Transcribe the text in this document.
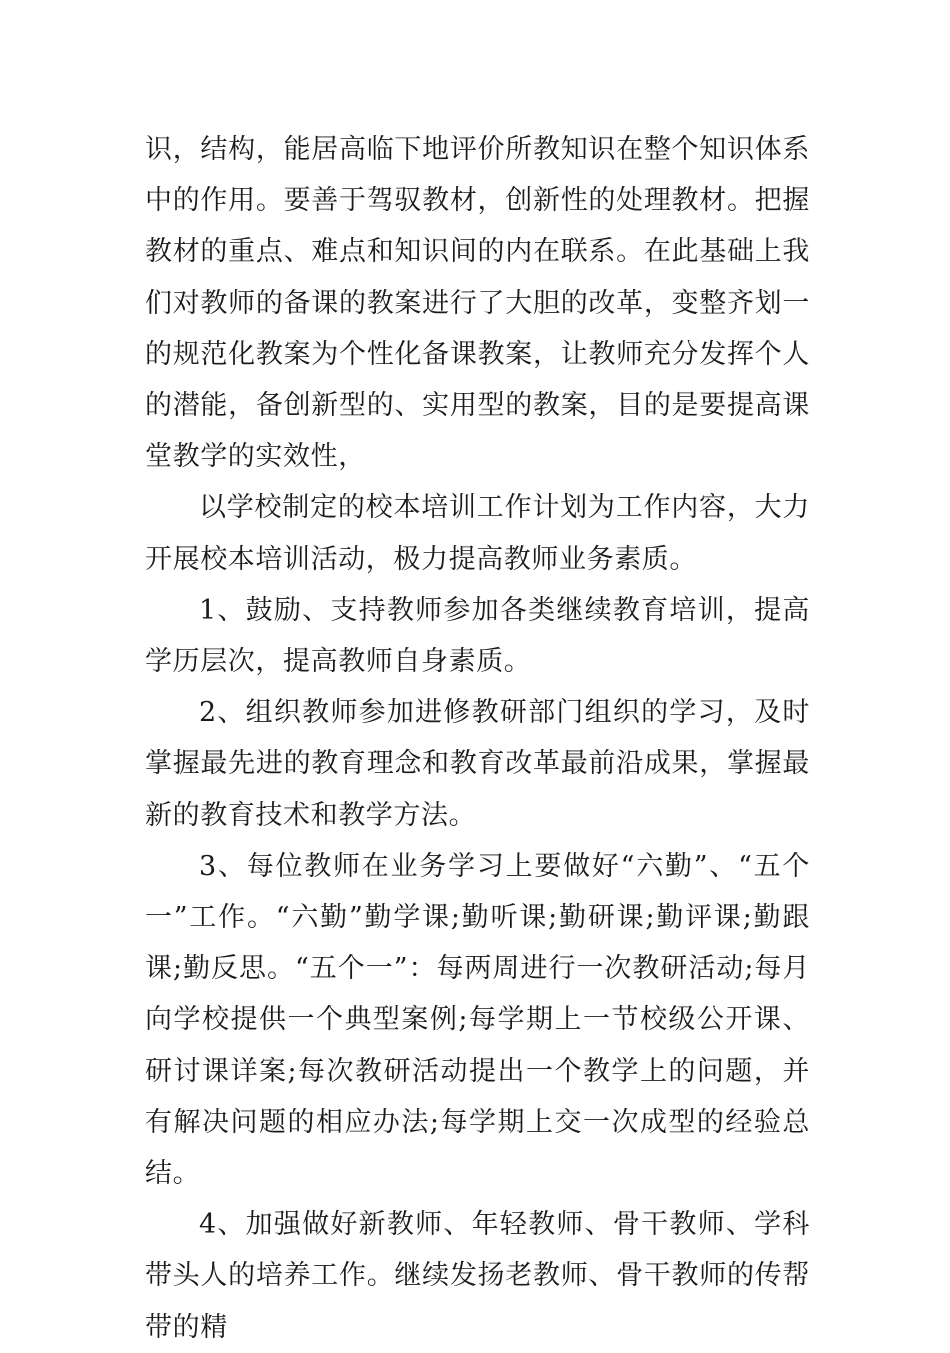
识，结构，能居高临下地评价所教知识在整个知识体系中的作用。要善于驾驭教材，创新性的处理教材。把握教材的重点、难点和知识间的内在联系。在此基础上我们对教师的备课的教案进行了大胆的改革，变整齐划一的规范化教案为个性化备课教案，让教师充分发挥个人的潜能，备创新型的、实用型的教案，目的是要提高课堂教学的实效性，

以学校制定的校本培训工作计划为工作内容，大力开展校本培训活动，极力提高教师业务素质。

1、鼓励、支持教师参加各类继续教育培训，提高学历层次，提高教师自身素质。

2、组织教师参加进修教研部门组织的学习，及时掌握最先进的教育理念和教育改革最前沿成果，掌握最新的教育技术和教学方法。

3、每位教师在业务学习上要做好“六勤”、“五个一”工作。“六勤”勤学课;勤听课;勤研课;勤评课;勤跟课;勤反思。“五个一”：每两周进行一次教研活动;每月向学校提供一个典型案例;每学期上一节校级公开课、研讨课详案;每次教研活动提出一个教学上的问题，并有解决问题的相应办法;每学期上交一次成型的经验总结。

4、加强做好新教师、年轻教师、骨干教师、学科带头人的培养工作。继续发扬老教师、骨干教师的传帮带的精
